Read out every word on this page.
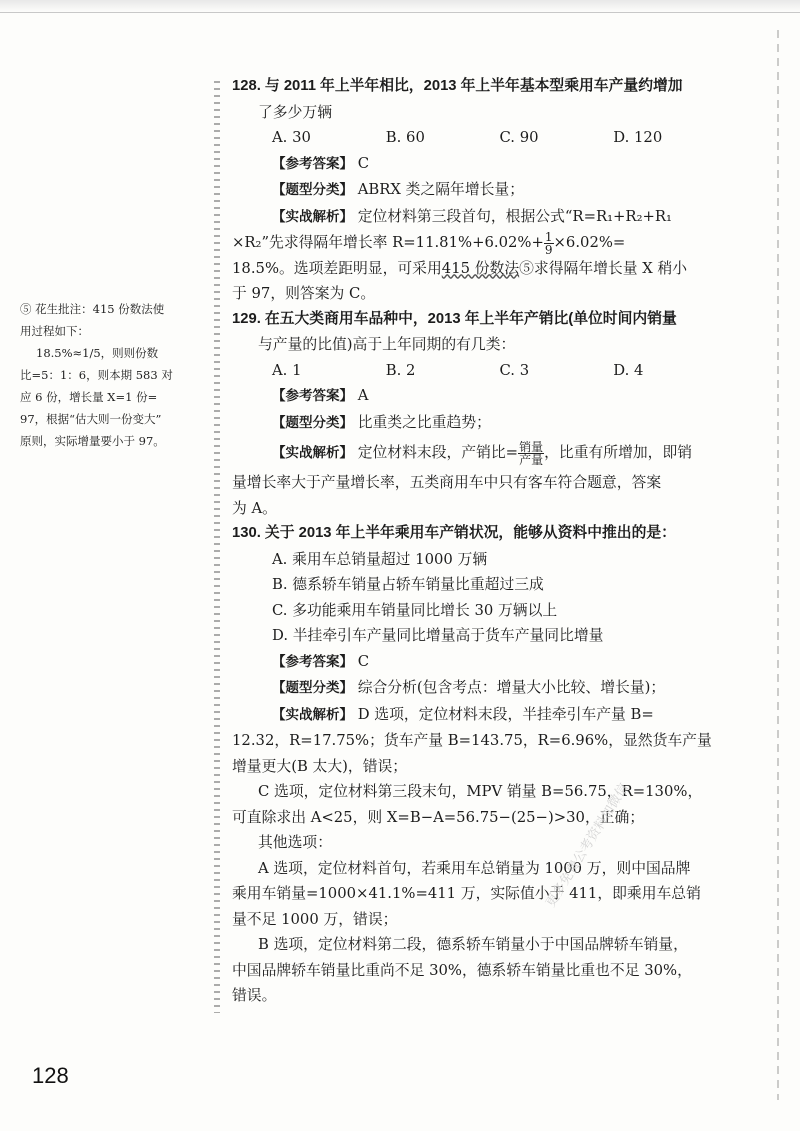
⑤ 花生批注：415 份数法使

用过程如下：

18.5%≈1/5，则则份数

比=5：1：6，则本期 583 对

应 6 份，增长量 X=1 份=

97，根据“估大则一份变大”

原则，实际增量要小于 97。

128. 与 2011 年上半年相比，2013 年上半年基本型乘用车产量约增加
了多少万辆
A. 30	B. 60	C. 90	D. 120
【参考答案】 C
【题型分类】 ABRX 类之隔年增长量；
【实战解析】 定位材料第三段首句，根据公式“R=R₁+R₂+R₁
×R₂”先求得隔年增长率 $R=11.81\%+6.02\%+ \frac{1}{9} \times 6.02\%=$
18.5%。选项差距明显，可采用415 份数法⑤求得隔年增长量 X 稍小
于 97，则答案为 C。
129. 在五大类商用车品种中，2013 年上半年产销比(单位时间内销量
与产量的比值)高于上年同期的有几类：
A. 1	B. 2	C. 3	D. 4
【参考答案】 A
【题型分类】 比重类之比重趋势；
【实战解析】 定位材料末段，产销比= $\frac{\text{销量}}{\text{产量}}$ ，比重有所增加，即销
量增长率大于产量增长率，五类商用车中只有客车符合题意，答案
为 A。
130. 关于 2013 年上半年乘用车产销状况，能够从资料中推出的是：
A. 乘用车总销量超过 1000 万辆
B. 德系轿车销量占轿车销量比重超过三成
C. 多功能乘用车销量同比增长 30 万辆以上
D. 半挂牵引车产量同比增量高于货车产量同比增量
【参考答案】 C
【题型分类】 综合分析(包含考点：增量大小比较、增长量)；
【实战解析】 D 选项，定位材料末段，半挂牵引车产量 B=
12.32，R=17.75%；货车产量 B=143.75，R=6.96%，显然货车产量
增量更大(B 太大)，错误；
C 选项，定位材料第三段末句，MPV 销量 B=56.75，R=130%，
可直除求出 A<25，则 X=B−A=56.75−(25−)>30，正确；
其他选项：
A 选项，定位材料首句，若乘用车总销量为 1000 万，则中国品牌
乘用车销量=1000×41.1%=411 万，实际值小于 411，即乘用车总销
量不足 1000 万，错误；
B 选项，定位材料第二段，德系轿车销量小于中国品牌轿车销量，
中国品牌轿车销量比重尚不足 30%，德系轿车销量比重也不足 30%，
错误。
更多免费公考资料加微信
128
